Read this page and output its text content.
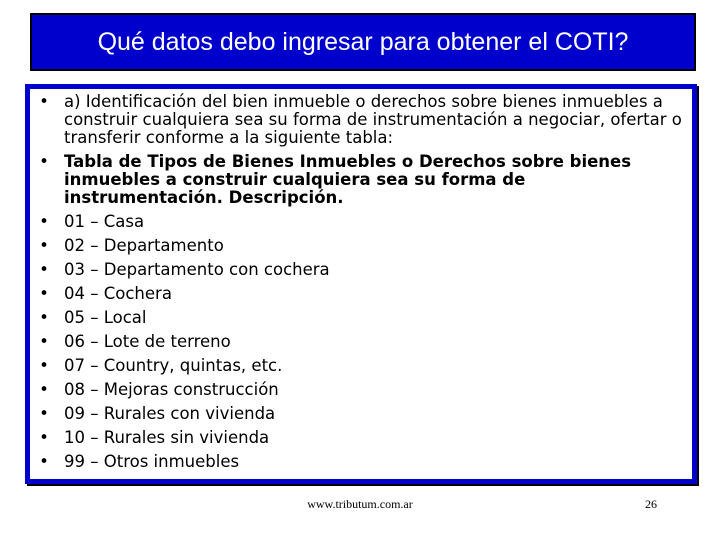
Qué datos debo ingresar para obtener el COTI?
• a) Identificación del bien inmueble o derechos sobre bienes inmuebles a construir cualquiera sea su forma de instrumentación a negociar, ofertar o transferir conforme a la siguiente tabla:
• Tabla de Tipos de Bienes Inmuebles o Derechos sobre bienes inmuebles a construir cualquiera sea su forma de instrumentación. Descripción.
• 01 – Casa
• 02 – Departamento
• 03 – Departamento con cochera
• 04 – Cochera
• 05 – Local
• 06 – Lote de terreno
• 07 – Country, quintas, etc.
• 08 – Mejoras construcción
• 09 – Rurales con vivienda
• 10 – Rurales sin vivienda
• 99 – Otros inmuebles
www.tributum.com.ar	26
